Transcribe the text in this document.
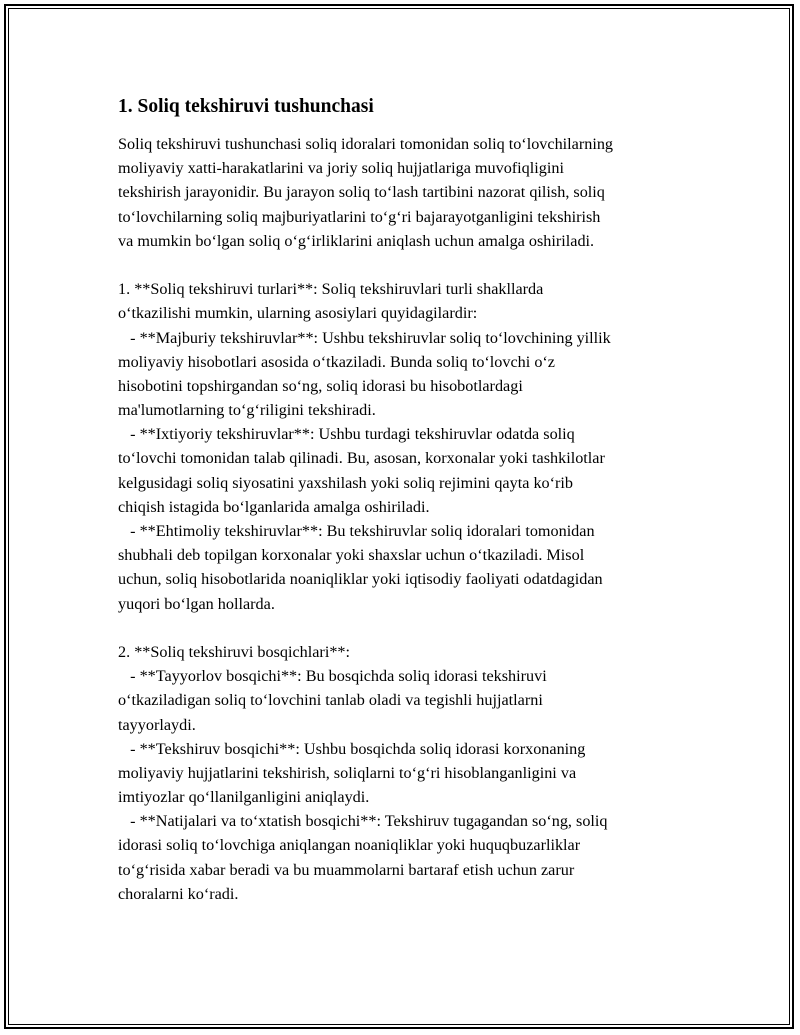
1. Soliq tekshiruvi tushunchasi
Soliq tekshiruvi tushunchasi soliq idoralari tomonidan soliq to‘lovchilarning
moliyaviy xatti-harakatlarini va joriy soliq hujjatlariga muvofiqligini
tekshirish jarayonidir. Bu jarayon soliq to‘lash tartibini nazorat qilish, soliq
to‘lovchilarning soliq majburiyatlarini to‘g‘ri bajarayotganligini tekshirish
va mumkin bo‘lgan soliq o‘g‘irliklarini aniqlash uchun amalga oshiriladi.
1. **Soliq tekshiruvi turlari**: Soliq tekshiruvlari turli shakllarda
o‘tkazilishi mumkin, ularning asosiylari quyidagilardir:
- **Majburiy tekshiruvlar**: Ushbu tekshiruvlar soliq to‘lovchining yillik
moliyaviy hisobotlari asosida o‘tkaziladi. Bunda soliq to‘lovchi o‘z
hisobotini topshirgandan so‘ng, soliq idorasi bu hisobotlardagi
ma'lumotlarning to‘g‘riligini tekshiradi.
- **Ixtiyoriy tekshiruvlar**: Ushbu turdagi tekshiruvlar odatda soliq
to‘lovchi tomonidan talab qilinadi. Bu, asosan, korxonalar yoki tashkilotlar
kelgusidagi soliq siyosatini yaxshilash yoki soliq rejimini qayta ko‘rib
chiqish istagida bo‘lganlarida amalga oshiriladi.
- **Ehtimoliy tekshiruvlar**: Bu tekshiruvlar soliq idoralari tomonidan
shubhali deb topilgan korxonalar yoki shaxslar uchun o‘tkaziladi. Misol
uchun, soliq hisobotlarida noaniqliklar yoki iqtisodiy faoliyati odatdagidan
yuqori bo‘lgan hollarda.
2. **Soliq tekshiruvi bosqichlari**:
- **Tayyorlov bosqichi**: Bu bosqichda soliq idorasi tekshiruvi
o‘tkaziladigan soliq to‘lovchini tanlab oladi va tegishli hujjatlarni
tayyorlaydi.
- **Tekshiruv bosqichi**: Ushbu bosqichda soliq idorasi korxonaning
moliyaviy hujjatlarini tekshirish, soliqlarni to‘g‘ri hisoblanganligini va
imtiyozlar qo‘llanilganligini aniqlaydi.
- **Natijalari va to‘xtatish bosqichi**: Tekshiruv tugagandan so‘ng, soliq
idorasi soliq to‘lovchiga aniqlangan noaniqliklar yoki huquqbuzarliklar
to‘g‘risida xabar beradi va bu muammolarni bartaraf etish uchun zarur
choralarni ko‘radi.
